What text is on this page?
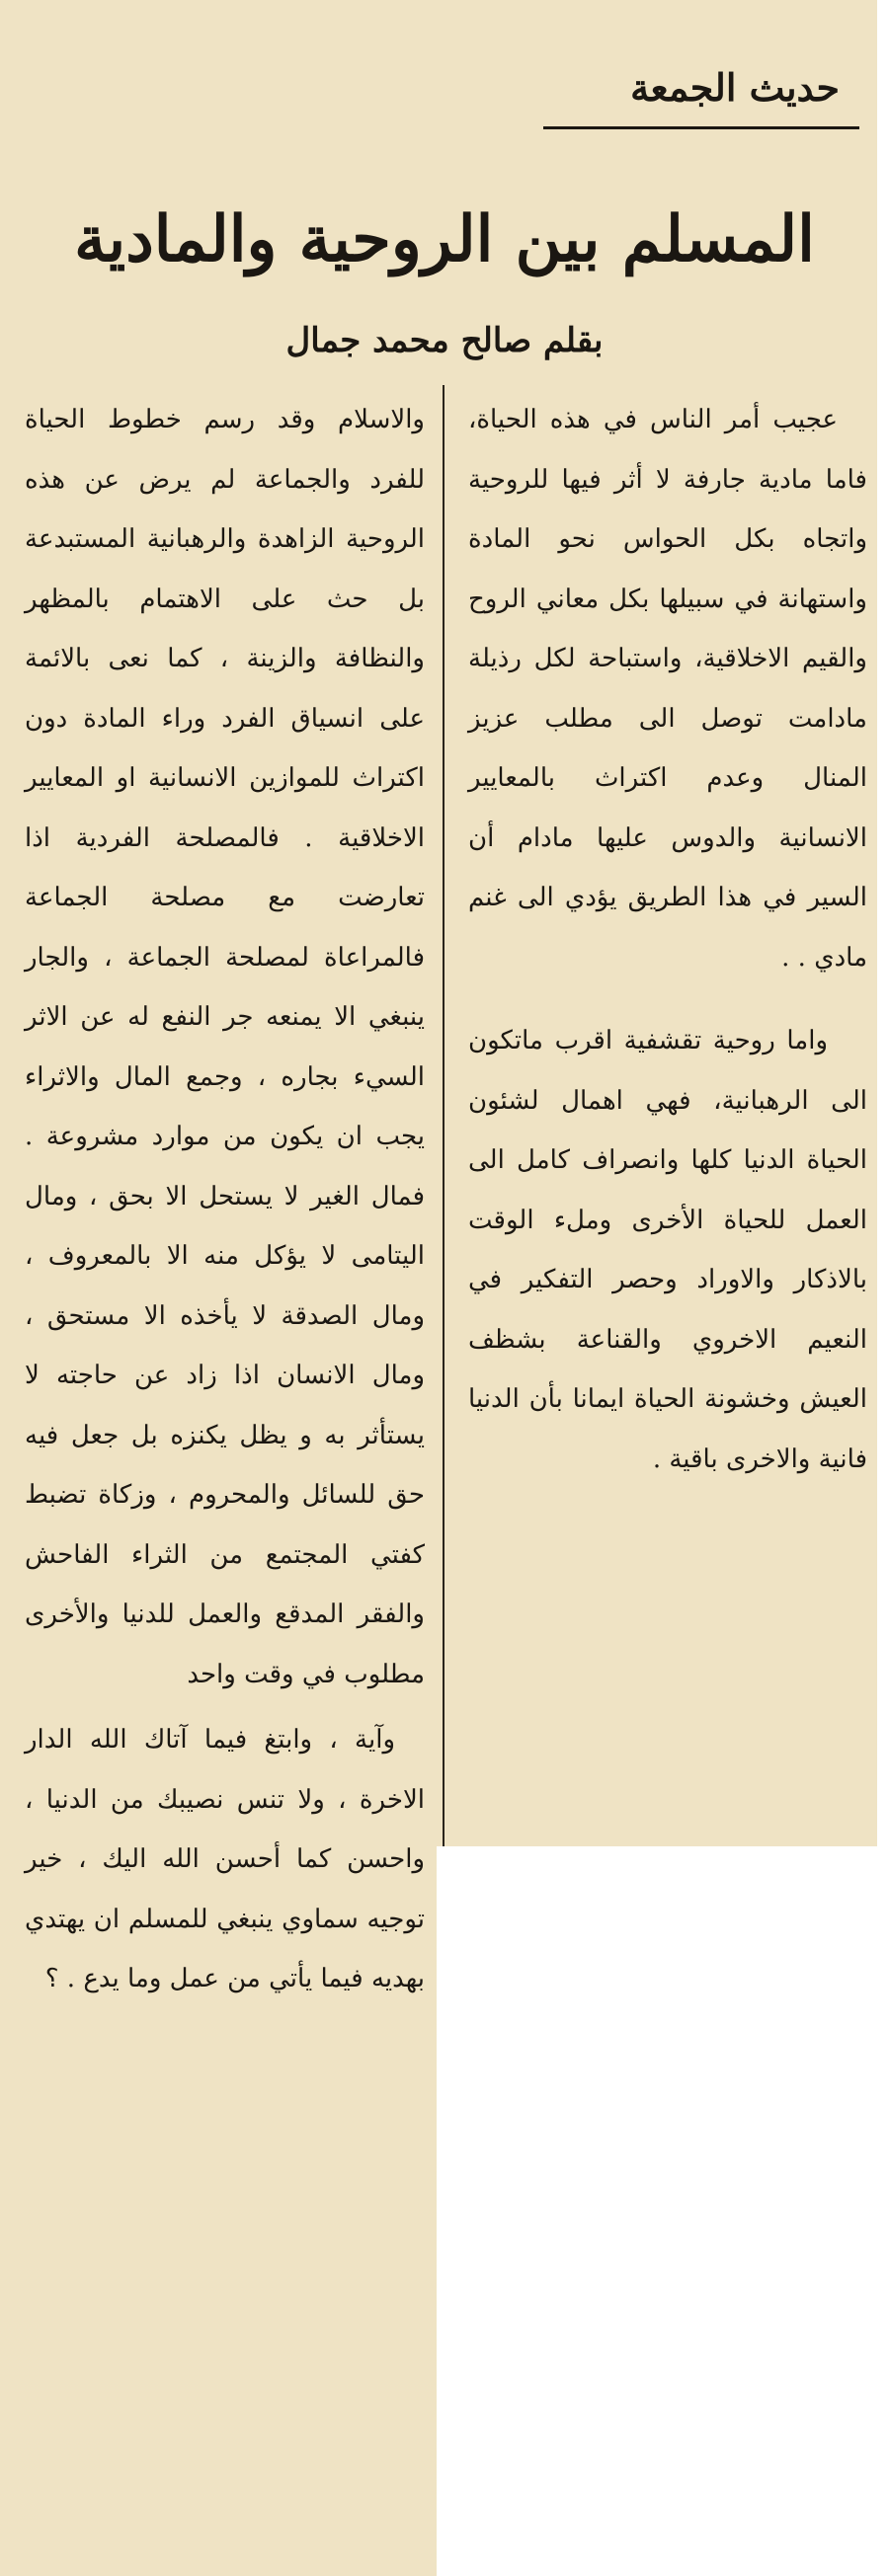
حديث الجمعة
المسلم بين الروحية والمادية
بقلم صالح محمد جمال

عجيب أمر الناس في هذه الحياة، فاما مادية جارفة لا أثر فيها للروحية واتجاه بكل الحواس نحو المادة واستهانة في سبيلها بكل معاني الروح والقيم الاخلاقية، واستباحة لكل رذيلة مادامت توصل الى مطلب عزيز المنال وعدم اكتراث بالمعايير الانسانية والدوس عليها مادام أن السير في هذا الطريق يؤدي الى غنم مادي . .

واما روحية تقشفية اقرب ماتكون الى الرهبانية، فهي اهمال لشئون الحياة الدنيا كلها وانصراف كامل الى العمل للحياة الأخرى وملء الوقت بالاذكار والاوراد وحصر التفكير في النعيم الاخروي والقناعة بشظف العيش وخشونة الحياة ايمانا بأن الدنيا فانية والاخرى باقية .

والاسلام وقد رسم خطوط الحياة للفرد والجماعة لم يرض عن هذه الروحية الزاهدة والرهبانية المستبدعة بل حث على الاهتمام بالمظهر والنظافة والزينة ، كما نعى بالائمة على انسياق الفرد وراء المادة دون اكتراث للموازين الانسانية او المعايير الاخلاقية . فالمصلحة الفردية اذا تعارضت مع مصلحة الجماعة فالمراعاة لمصلحة الجماعة ، والجار ينبغي الا يمنعه جر النفع له عن الاثر السيء بجاره ، وجمع المال والاثراء يجب ان يكون من موارد مشروعة . فمال الغير لا يستحل الا بحق ، ومال اليتامى لا يؤكل منه الا بالمعروف ، ومال الصدقة لا يأخذه الا مستحق ، ومال الانسان اذا زاد عن حاجته لا يستأثر به و يظل يكنزه بل جعل فيه حق للسائل والمحروم ، وزكاة تضبط كفتي المجتمع من الثراء الفاحش والفقر المدقع والعمل للدنيا والأخرى مطلوب في وقت واحد

وآية ، وابتغ فيما آتاك الله الدار الاخرة ، ولا تنس نصيبك من الدنيا ، واحسن كما أحسن الله اليك ، خير توجيه سماوي ينبغي للمسلم ان يهتدي بهديه فيما يأتي من عمل وما يدع . ؟
